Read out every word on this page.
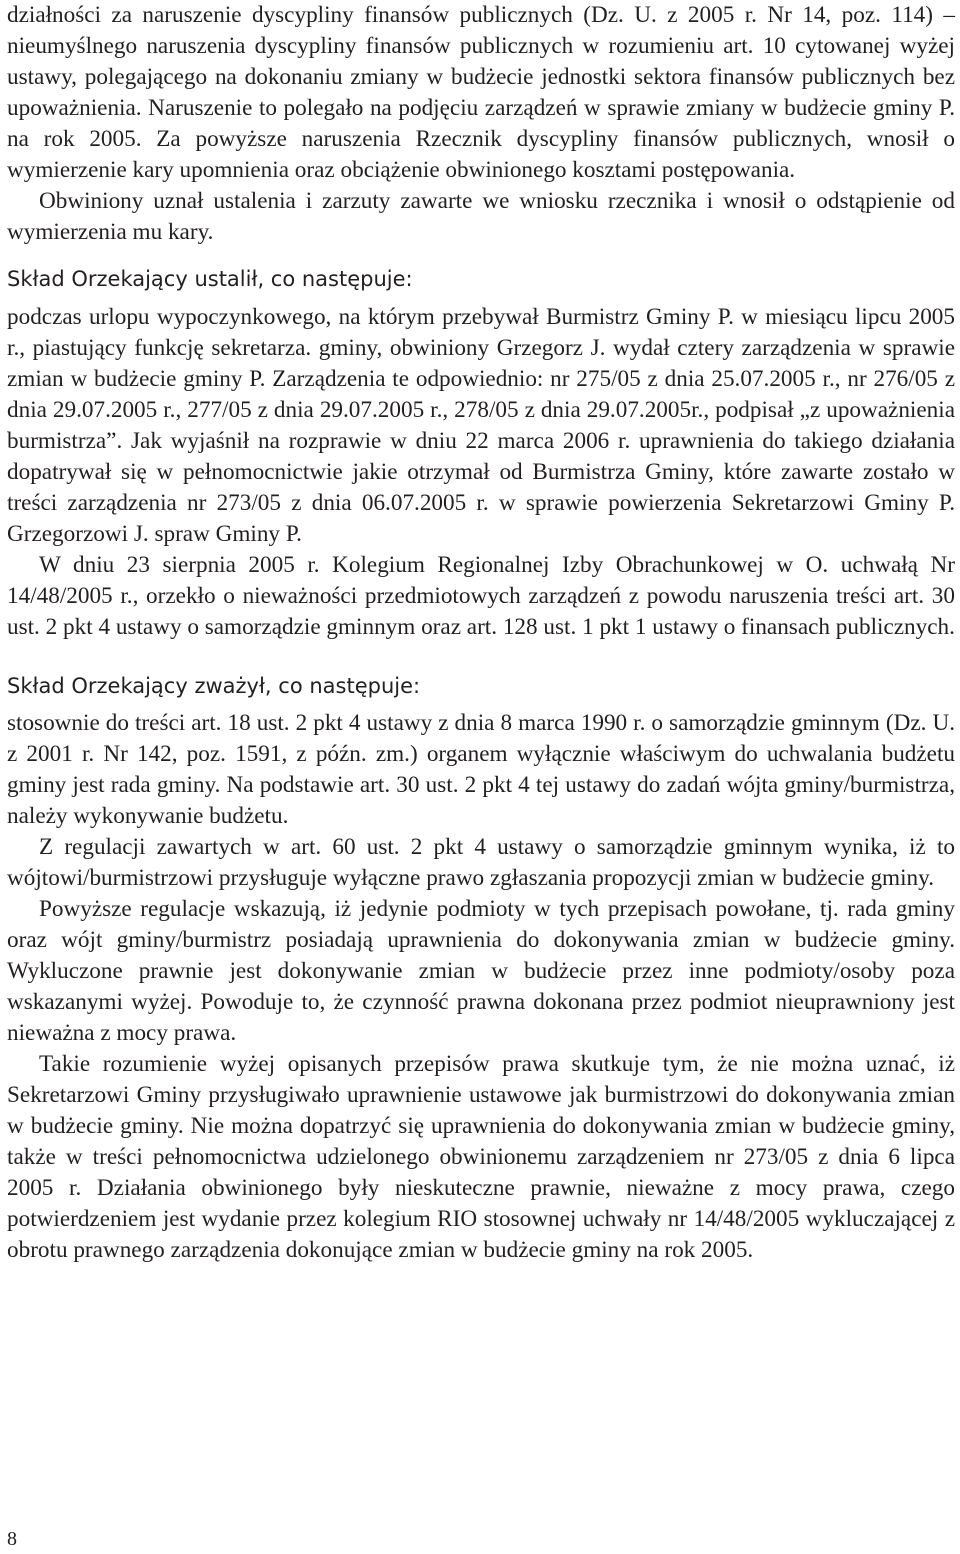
działności za naruszenie dyscypliny finansów publicznych (Dz. U. z 2005 r. Nr 14, poz. 114) – nieumyślnego naruszenia dyscypliny finansów publicznych w rozumieniu art. 10 cytowanej wyżej ustawy, polegającego na dokonaniu zmiany w budżecie jednostki sektora finansów publicznych bez upoważnienia. Naruszenie to polegało na podjęciu zarządzeń w sprawie zmiany w budżecie gminy P. na rok 2005. Za powyższe naruszenia Rzecznik dyscypliny finansów publicznych, wnosił o wymierzenie kary upomnienia oraz obciążenie obwinionego kosztami postępowania.

Obwiniony uznał ustalenia i zarzuty zawarte we wniosku rzecznika i wnosił o odstąpienie od wymierzenia mu kary.

Skład Orzekający ustalił, co następuje:

podczas urlopu wypoczynkowego, na którym przebywał Burmistrz Gminy P. w miesiącu lipcu 2005 r., piastujący funkcję sekretarza. gminy, obwiniony Grzegorz J. wydał cztery zarządzenia w sprawie zmian w budżecie gminy P. Zarządzenia te odpowiednio: nr 275/05 z dnia 25.07.2005 r., nr 276/05 z dnia 29.07.2005 r., 277/05 z dnia 29.07.2005 r., 278/05 z dnia 29.07.2005r., podpisał „z upoważnienia burmistrza”. Jak wyjaśnił na rozprawie w dniu 22 marca 2006 r. uprawnienia do takiego działania dopatrywał się w pełnomocnictwie jakie otrzymał od Burmistrza Gminy, które zawarte zostało w treści zarządzenia nr 273/05 z dnia 06.07.2005 r. w sprawie powierzenia Sekretarzowi Gminy P. Grzegorzowi J. spraw Gminy P.

W dniu 23 sierpnia 2005 r. Kolegium Regionalnej Izby Obrachunkowej w O. uchwałą Nr 14/48/2005 r., orzekło o nieważności przedmiotowych zarządzeń z powodu naruszenia treści art. 30 ust. 2 pkt 4 ustawy o samorządzie gminnym oraz art. 128 ust. 1 pkt 1 ustawy o finansach publicznych.

Skład Orzekający zważył, co następuje:

stosownie do treści art. 18 ust. 2 pkt 4 ustawy z dnia 8 marca 1990 r. o samorządzie gminnym (Dz. U. z 2001 r. Nr 142, poz. 1591, z późn. zm.) organem wyłącznie właściwym do uchwalania budżetu gminy jest rada gminy. Na podstawie art. 30 ust. 2 pkt 4 tej ustawy do zadań wójta gminy/burmistrza, należy wykonywanie budżetu.

Z regulacji zawartych w art. 60 ust. 2 pkt 4 ustawy o samorządzie gminnym wynika, iż to wójtowi/burmistrzowi przysługuje wyłączne prawo zgłaszania propozycji zmian w budżecie gminy.

Powyższe regulacje wskazują, iż jedynie podmioty w tych przepisach powołane, tj. rada gminy oraz wójt gminy/burmistrz posiadają uprawnienia do dokonywania zmian w budżecie gminy. Wykluczone prawnie jest dokonywanie zmian w budżecie przez inne podmioty/osoby poza wskazanymi wyżej. Powoduje to, że czynność prawna dokonana przez podmiot nieuprawniony jest nieważna z mocy prawa.

Takie rozumienie wyżej opisanych przepisów prawa skutkuje tym, że nie można uznać, iż Sekretarzowi Gminy przysługiwało uprawnienie ustawowe jak burmistrzowi do dokonywania zmian w budżecie gminy. Nie można dopatrzyć się uprawnienia do dokonywania zmian w budżecie gminy, także w treści pełnomocnictwa udzielonego obwinionemu zarządzeniem nr 273/05 z dnia 6 lipca 2005 r. Działania obwinionego były nieskuteczne prawnie, nieważne z mocy prawa, czego potwierdzeniem jest wydanie przez kolegium RIO stosownej uchwały nr 14/48/2005 wykluczającej z obrotu prawnego zarządzenia dokonujące zmian w budżecie gminy na rok 2005.

8
